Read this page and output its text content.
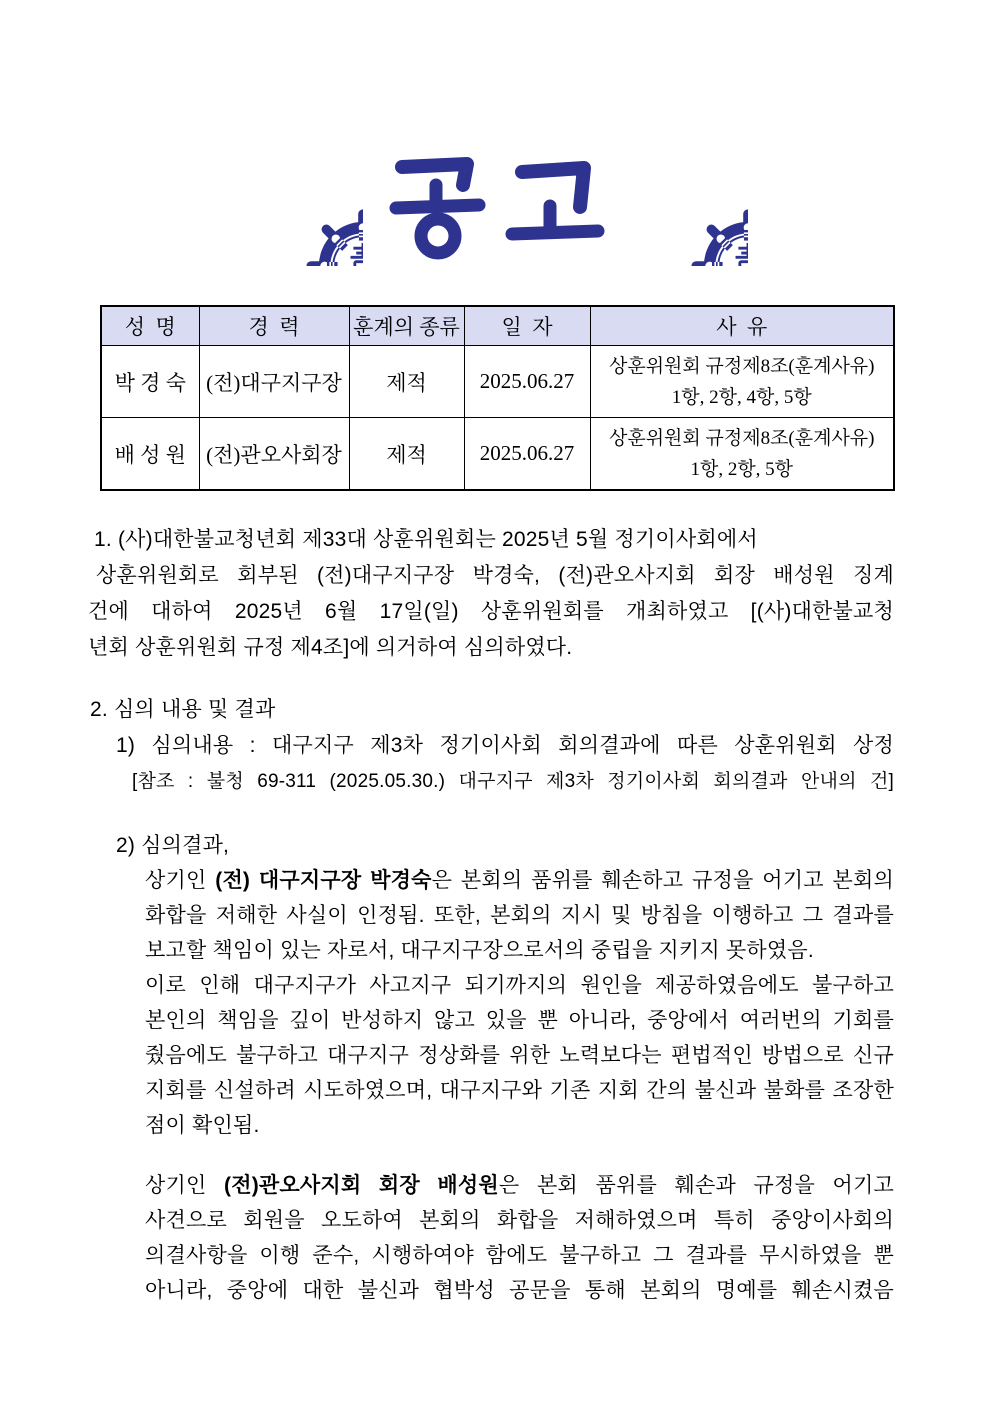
성  명	경  력	훈계의 종류	일  자	사  유
박 경 숙	(전)대구지구장	제적	2025.06.27	상훈위원회 규정제8조(훈계사유)
1항, 2항, 4항, 5항

배 성 원	(전)관오사회장	제적	2025.06.27	상훈위원회 규정제8조(훈계사유)
1항, 2항, 5항
1. (사)대한불교청년회 제33대 상훈위원회는 2025년 5월 정기이사회에서
상훈위원회로 회부된 (전)대구지구장 박경숙, (전)관오사지회 회장 배성원 징계
건에 대하여 2025년 6월 17일(일) 상훈위원회를 개최하였고 [(사)대한불교청
년회 상훈위원회 규정 제4조]에 의거하여 심의하였다.
2. 심의 내용 및 결과
1) 심의내용 : 대구지구 제3차 정기이사회 회의결과에 따른 상훈위원회 상정
[참조 : 불청 69-311 (2025.05.30.) 대구지구 제3차 정기이사회 회의결과 안내의 건]
2) 심의결과,
상기인 (전) 대구지구장 박경숙은 본회의 품위를 훼손하고 규정을 어기고 본회의
화합을 저해한 사실이 인정됨. 또한, 본회의 지시 및 방침을 이행하고 그 결과를
보고할 책임이 있는 자로서, 대구지구장으로서의 중립을 지키지 못하였음.
이로 인해 대구지구가 사고지구 되기까지의 원인을 제공하였음에도 불구하고
본인의 책임을 깊이 반성하지 않고 있을 뿐 아니라, 중앙에서 여러번의 기회를
줬음에도 불구하고 대구지구 정상화를 위한 노력보다는 편법적인 방법으로 신규
지회를 신설하려 시도하였으며, 대구지구와 기존 지회 간의 불신과 불화를 조장한
점이 확인됨.
상기인 (전)관오사지회 회장 배성원은 본회 품위를 훼손과 규정을 어기고
사견으로 회원을 오도하여 본회의 화합을 저해하였으며 특히 중앙이사회의
의결사항을 이행 준수, 시행하여야 함에도 불구하고 그 결과를 무시하였을 뿐
아니라, 중앙에 대한 불신과 협박성 공문을 통해 본회의 명예를 훼손시켰음
